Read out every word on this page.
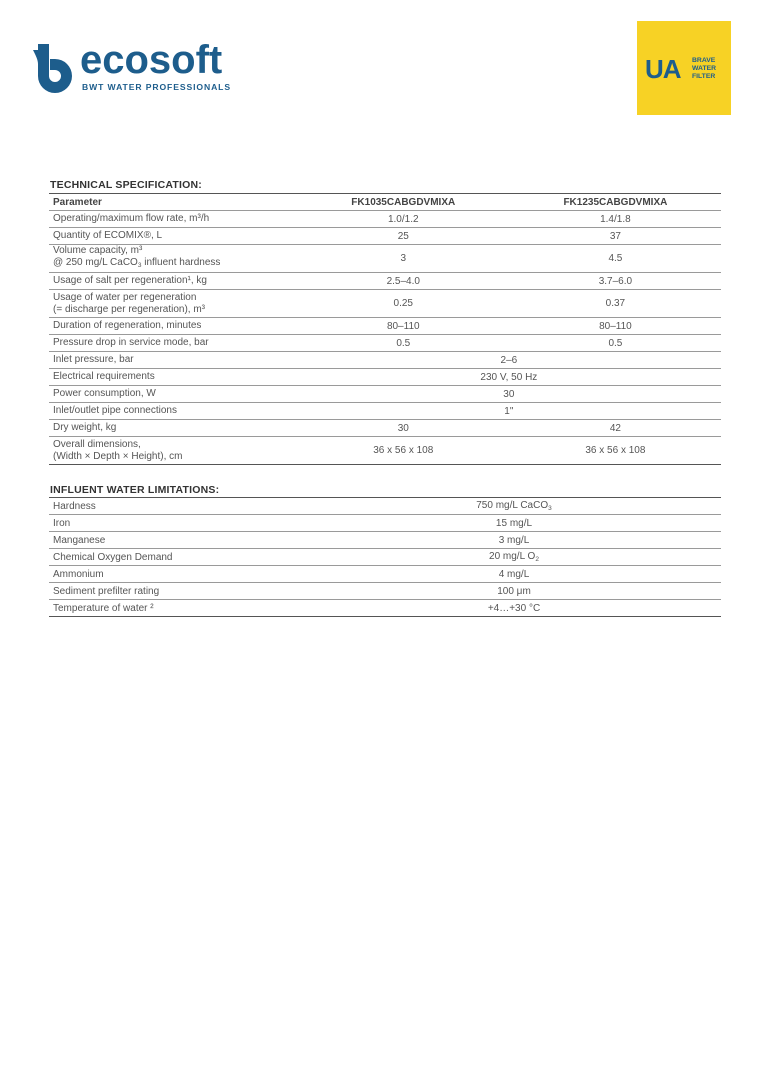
ecosoft
BWT WATER PROFESSIONALS
UA BRAVE
WATER
FILTER
TECHNICAL SPECIFICATION:
Parameter	FK1035CABGDVMIXA	FK1235CABGDVMIXA
Operating/maximum flow rate, m³/h	1.0/1.2	1.4/1.8
Quantity of ECOMIX®, L	25	37

Volume capacity, m³
@ 250 mg/L CaCO$_3$ influent hardness	3	4.5
Usage of salt per regeneration¹, kg	2.5–4.0	3.7–6.0

Usage of water per regeneration
(= discharge per regeneration), m³	0.25	0.37
Duration of regeneration, minutes	80–110	80–110
Pressure drop in service mode, bar	0.5	0.5
Inlet pressure, bar	2–6	
Electrical requirements	230 V, 50 Hz	
Power consumption, W	30	
Inlet/outlet pipe connections	1"	
Dry weight, kg	30	42

Overall dimensions,
(Width × Depth × Height), cm	36 x 56 x 108	36 x 56 x 108
INFLUENT WATER LIMITATIONS:
Hardness	750 mg/L CaCO$_3$
Iron	15 mg/L
Manganese	3 mg/L
Chemical Oxygen Demand	20 mg/L $O_2$
Ammonium	4 mg/L
Sediment prefilter rating	100 μm
Temperature of water ²	+4…+30 °C
